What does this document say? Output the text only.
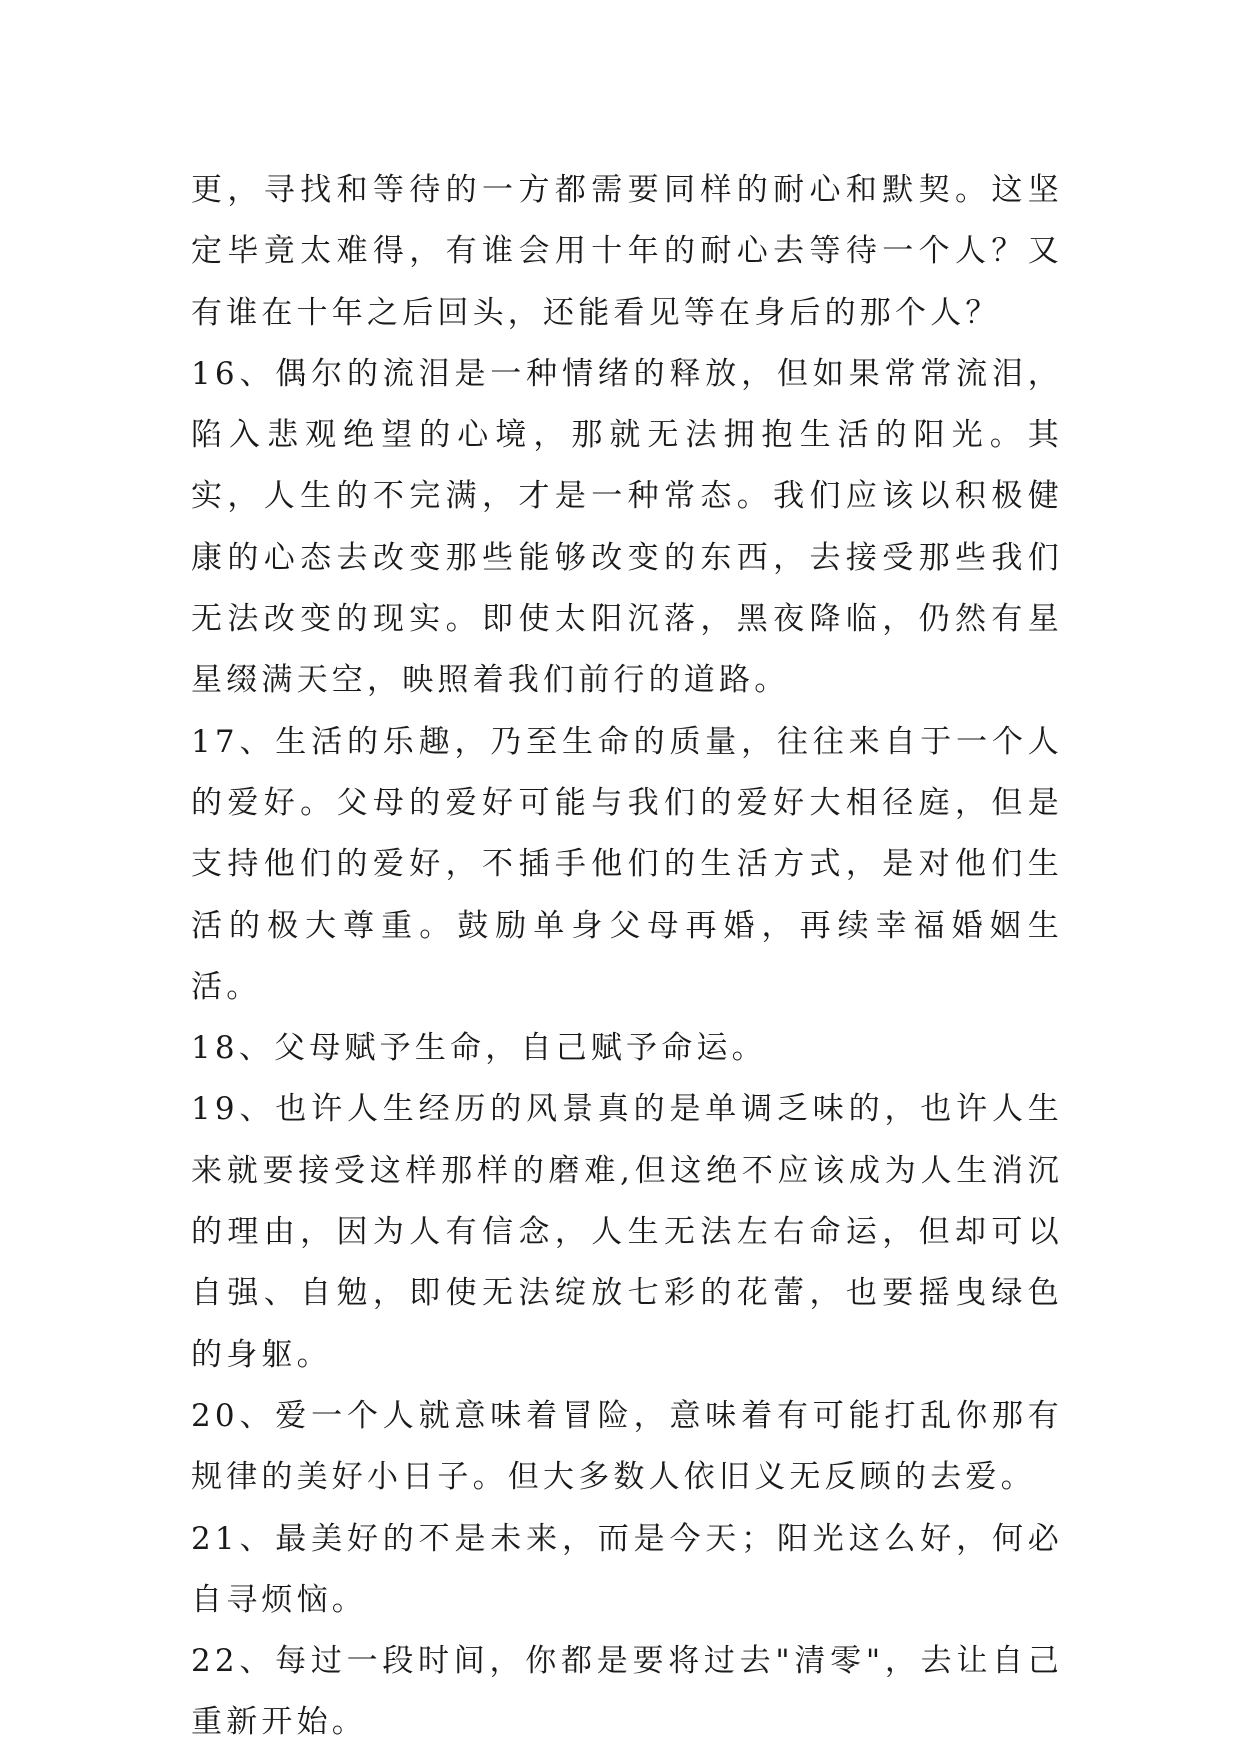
更，寻找和等待的一方都需要同样的耐心和默契。这坚定毕竟太难得，有谁会用十年的耐心去等待一个人？又有谁在十年之后回头，还能看见等在身后的那个人？

16、偶尔的流泪是一种情绪的释放，但如果常常流泪，陷入悲观绝望的心境，那就无法拥抱生活的阳光。其实，人生的不完满，才是一种常态。我们应该以积极健康的心态去改变那些能够改变的东西，去接受那些我们无法改变的现实。即使太阳沉落，黑夜降临，仍然有星星缀满天空，映照着我们前行的道路。

17、生活的乐趣，乃至生命的质量，往往来自于一个人的爱好。父母的爱好可能与我们的爱好大相径庭，但是支持他们的爱好，不插手他们的生活方式，是对他们生活的极大尊重。鼓励单身父母再婚，再续幸福婚姻生活。

18、父母赋予生命，自己赋予命运。

19、也许人生经历的风景真的是单调乏味的，也许人生来就要接受这样那样的磨难,但这绝不应该成为人生消沉的理由，因为人有信念，人生无法左右命运，但却可以自强、自勉，即使无法绽放七彩的花蕾，也要摇曳绿色的身躯。

20、爱一个人就意味着冒险，意味着有可能打乱你那有规律的美好小日子。但大多数人依旧义无反顾的去爱。

21、最美好的不是未来，而是今天；阳光这么好，何必自寻烦恼。

22、每过一段时间，你都是要将过去"清零"，去让自己重新开始。
